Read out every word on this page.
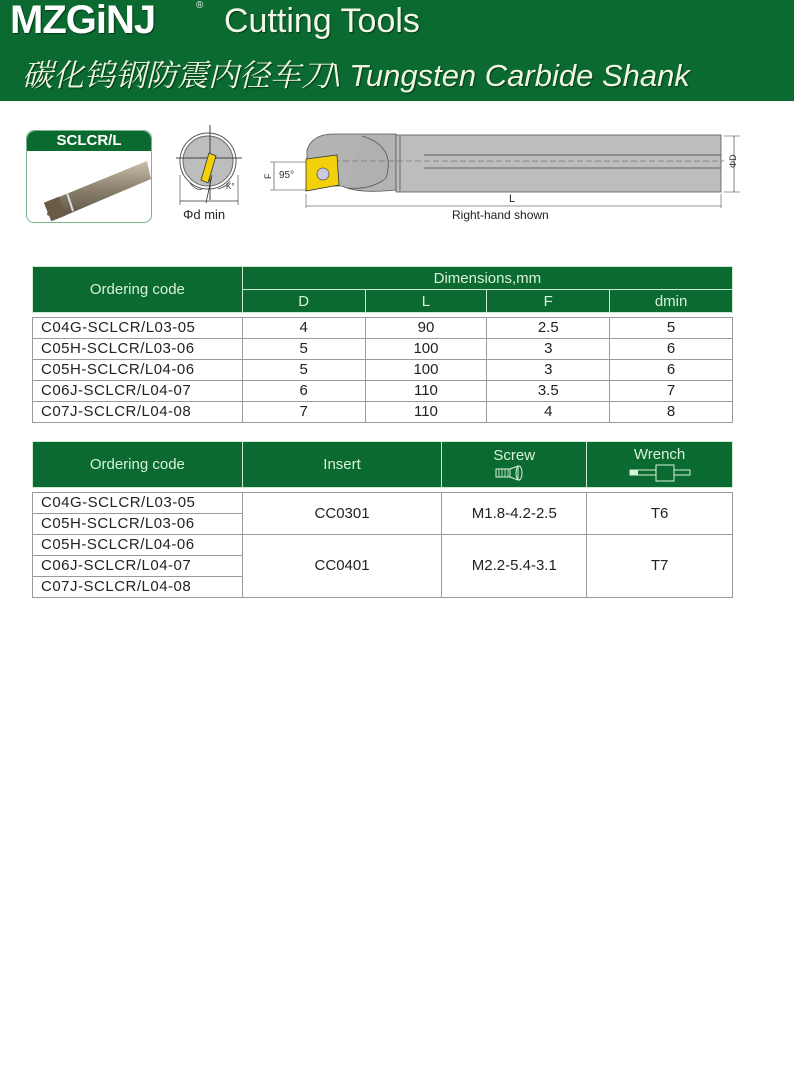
MZGiNJ	® Cutting Tools
碳化钨钢防震内径车刀\ Tungsten Carbide Shank
SCLCR/L
K°
Φd min
F 95°
ΦD
L
Right-hand shown
Ordering code	Dimensions,mm			
	D	L	F	dmin

C04G-SCLCR/L03-05	4	90	2.5	5
C05H-SCLCR/L03-06	5	100	3	6
C05H-SCLCR/L04-06	5	100	3	6
C06J-SCLCR/L04-07	6	110	3.5	7
C07J-SCLCR/L04-08	7	110	4	8
Ordering code	Insert	Screw	Wrench

C04G-SCLCR/L03-05	CC0301	M1.8-4.2-2.5	T6
C05H-SCLCR/L03-06			
C05H-SCLCR/L04-06	CC0401	M2.2-5.4-3.1	T7
C06J-SCLCR/L04-07			
C07J-SCLCR/L04-08			
